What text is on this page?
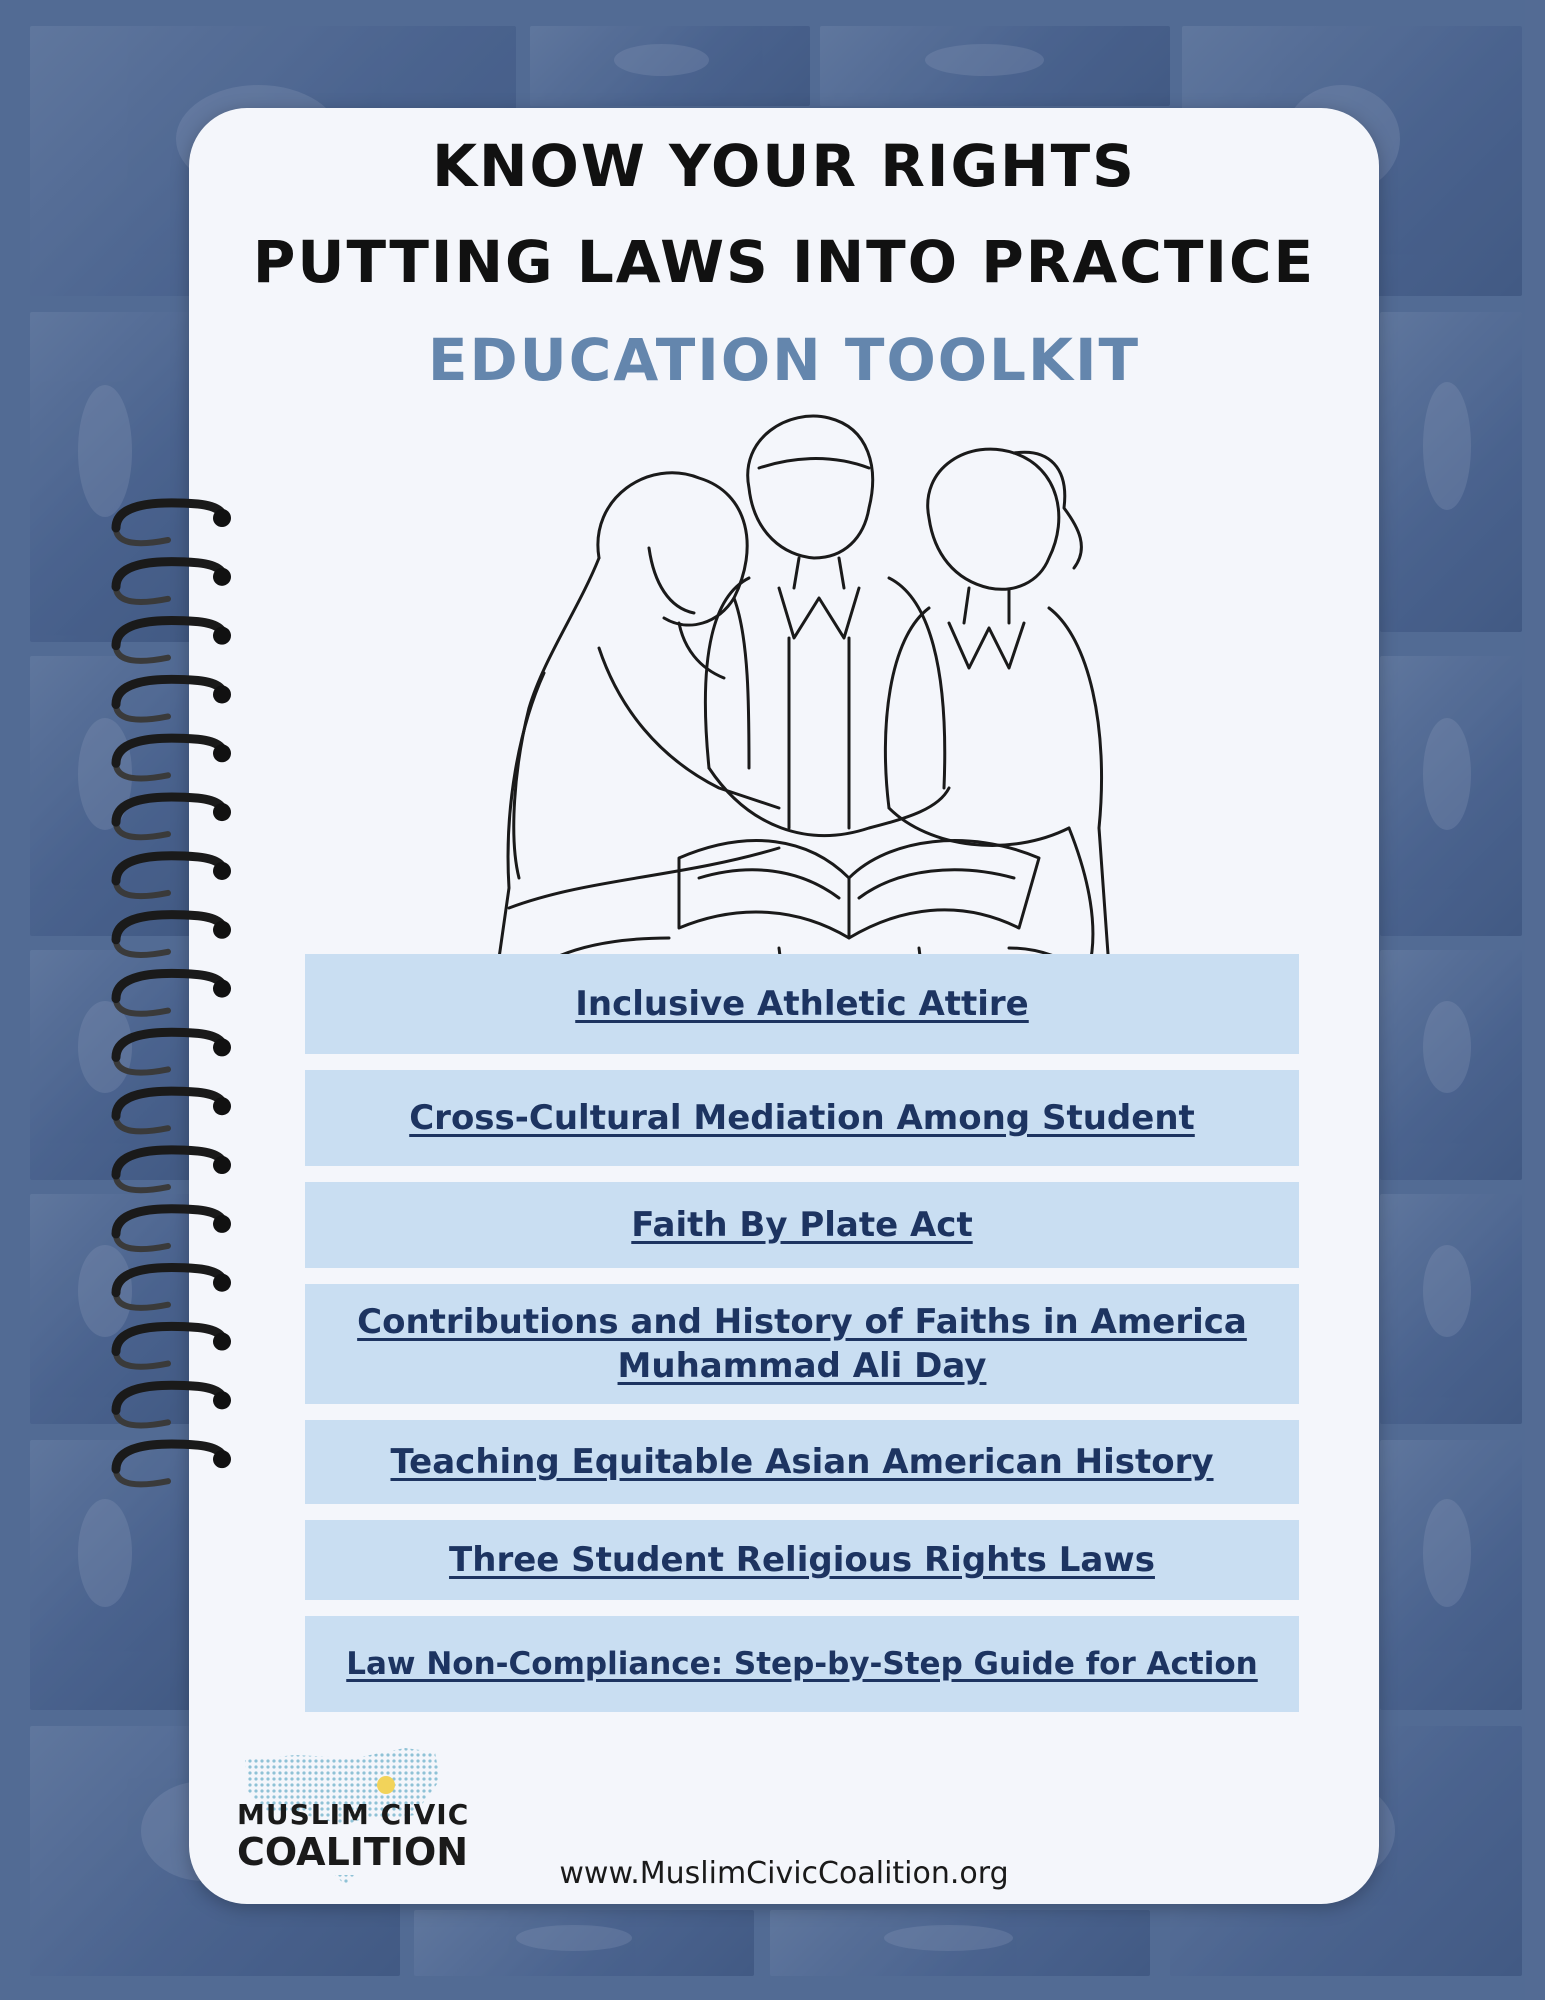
KNOW YOUR RIGHTS
PUTTING LAWS INTO PRACTICE
EDUCATION TOOLKIT
Inclusive Athletic Attire
Cross-Cultural Mediation Among Student
Faith By Plate Act
Contributions and History of Faiths in America
Muhammad Ali Day
Teaching Equitable Asian American History
Three Student Religious Rights Laws
Law Non-Compliance: Step-by-Step Guide for Action
MUSLIM CIVIC
COALITION	www.MuslimCivicCoalition.org
